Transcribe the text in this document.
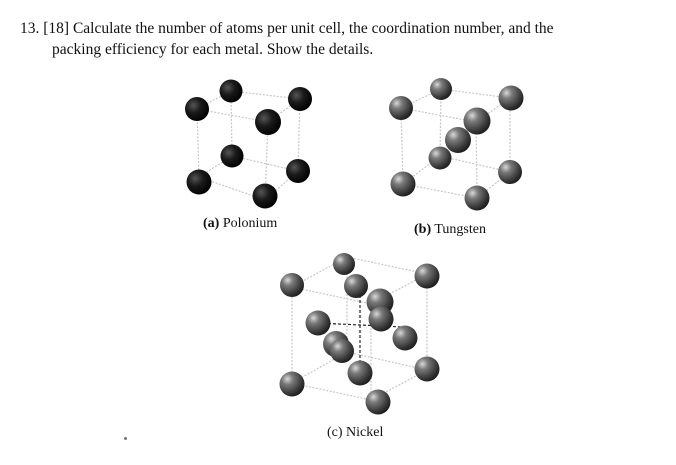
13. [18] Calculate the number of atoms per unit cell, the coordination number, and the
packing efficiency for each metal. Show the details.
(a) Polonium	(b) Tungsten
(c) Nickel
